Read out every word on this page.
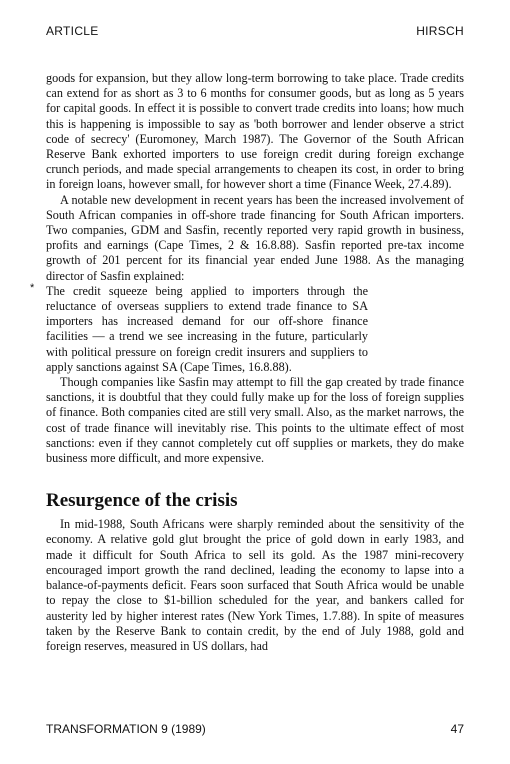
ARTICLE	HIRSCH
*

goods for expansion, but they allow long-term borrowing to take place. Trade credits can extend for as short as 3 to 6 months for consumer goods, but as long as 5 years for capital goods. In effect it is possible to convert trade credits into loans; how much this is happening is impossible to say as 'both borrower and lender observe a strict code of secrecy' (Euromoney, March 1987). The Governor of the South African Reserve Bank exhorted importers to use foreign credit during foreign exchange crunch periods, and made special arrangements to cheapen its cost, in order to bring in foreign loans, however small, for however short a time (Finance Week, 27.4.89).

A notable new development in recent years has been the increased involvement of South African companies in off-shore trade financing for South African importers. Two companies, GDM and Sasfin, recently reported very rapid growth in business, profits and earnings (Cape Times, 2 & 16.8.88). Sasfin reported pre-tax income growth of 201 percent for its financial year ended June 1988. As the managing director of Sasfin explained:

The credit squeeze being applied to importers through the reluctance of overseas suppliers to extend trade finance to SA importers has increased demand for our off-shore finance facilities — a trend we see increasing in the future, particularly with political pressure on foreign credit insurers and suppliers to apply sanctions against SA (Cape Times, 16.8.88).

Though companies like Sasfin may attempt to fill the gap created by trade finance sanctions, it is doubtful that they could fully make up for the loss of foreign supplies of finance. Both companies cited are still very small. Also, as the market narrows, the cost of trade finance will inevitably rise. This points to the ultimate effect of most sanctions: even if they cannot completely cut off supplies or markets, they do make business more difficult, and more expensive.

Resurgence of the crisis

In mid-1988, South Africans were sharply reminded about the sensitivity of the economy. A relative gold glut brought the price of gold down in early 1983, and made it difficult for South Africa to sell its gold. As the 1987 mini-recovery encouraged import growth the rand declined, leading the economy to lapse into a balance-of-payments deficit. Fears soon surfaced that South Africa would be unable to repay the close to $1-billion scheduled for the year, and bankers called for austerity led by higher interest rates (New York Times, 1.7.88). In spite of measures taken by the Reserve Bank to contain credit, by the end of July 1988, gold and foreign reserves, measured in US dollars, had

TRANSFORMATION 9 (1989)	47
